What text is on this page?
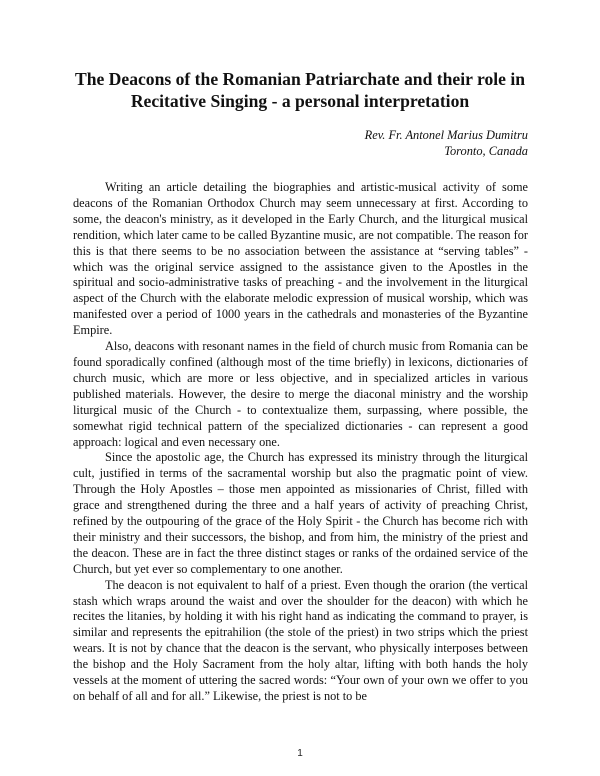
The Deacons of the Romanian Patriarchate and their role in
Recitative Singing - a personal interpretation
Rev. Fr. Antonel Marius Dumitru
Toronto, Canada

Writing an article detailing the biographies and artistic-musical activity of some deacons of the Romanian Orthodox Church may seem unnecessary at first. According to some, the deacon's ministry, as it developed in the Early Church, and the liturgical musical rendition, which later came to be called Byzantine music, are not compatible. The reason for this is that there seems to be no association between the assistance at “serving tables” - which was the original service assigned to the assistance given to the Apostles in the spiritual and socio-administrative tasks of preaching - and the involvement in the liturgical aspect of the Church with the elaborate melodic expression of musical worship, which was manifested over a period of 1000 years in the cathedrals and monasteries of the Byzantine Empire.

Also, deacons with resonant names in the field of church music from Romania can be found sporadically confined (although most of the time briefly) in lexicons, dictionaries of church music, which are more or less objective, and in specialized articles in various published materials. However, the desire to merge the diaconal ministry and the worship liturgical music of the Church - to contextualize them, surpassing, where possible, the somewhat rigid technical pattern of the specialized dictionaries - can represent a good approach: logical and even necessary one.

Since the apostolic age, the Church has expressed its ministry through the liturgical cult, justified in terms of the sacramental worship but also the pragmatic point of view. Through the Holy Apostles – those men appointed as missionaries of Christ, filled with grace and strengthened during the three and a half years of activity of preaching Christ, refined by the outpouring of the grace of the Holy Spirit - the Church has become rich with their ministry and their successors, the bishop, and from him, the ministry of the priest and the deacon. These are in fact the three distinct stages or ranks of the ordained service of the Church, but yet ever so complementary to one another.

The deacon is not equivalent to half of a priest. Even though the orarion (the vertical stash which wraps around the waist and over the shoulder for the deacon) with which he recites the litanies, by holding it with his right hand as indicating the command to prayer, is similar and represents the epitrahilion (the stole of the priest) in two strips which the priest wears. It is not by chance that the deacon is the servant, who physically interposes between the bishop and the Holy Sacrament from the holy altar, lifting with both hands the holy vessels at the moment of uttering the sacred words: “Your own of your own we offer to you on behalf of all and for all.” Likewise, the priest is not to be

1
